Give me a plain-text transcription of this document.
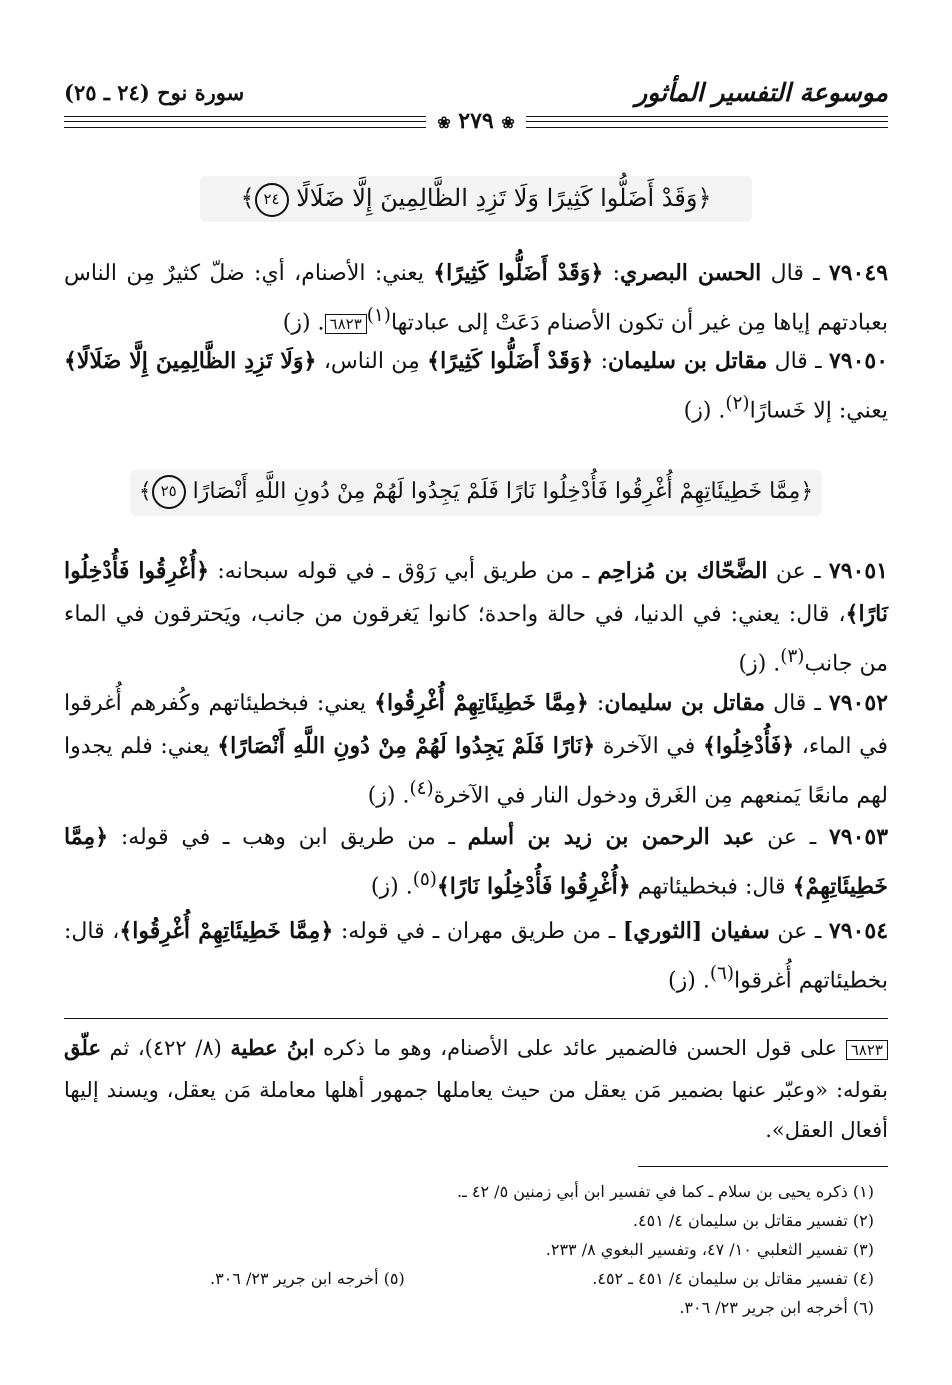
موسوعة التفسير المأثور
سورة نوح (٢٤ ـ ٢٥)
❀ ٢٧٩ ❀
﴿وَقَدْ أَضَلُّوا كَثِيرًا وَلَا تَزِدِ الظَّالِمِينَ إِلَّا ضَلَالًا ٢٤﴾
٧٩٠٤٩ ـ قال الحسن البصري: ﴿وَقَدْ أَضَلُّوا كَثِيرًا﴾ يعني: الأصنام، أي: ضلّ كثيرٌ مِن الناس بعبادتهم إياها مِن غير أن تكون الأصنام دَعَتْ إلى عبادتها$^{(١)}$٦٨٢٣. (ز)
٧٩٠٥٠ ـ قال مقاتل بن سليمان: ﴿وَقَدْ أَضَلُّوا كَثِيرًا﴾ مِن الناس، ﴿وَلَا تَزِدِ الظَّالِمِينَ إِلَّا ضَلَالًا﴾ يعني: إلا خَسارًا$^{(٢)}$. (ز)
﴿مِمَّا خَطِيئَاتِهِمْ أُغْرِقُوا فَأُدْخِلُوا نَارًا فَلَمْ يَجِدُوا لَهُمْ مِنْ دُونِ اللَّهِ أَنْصَارًا ٢٥﴾
٧٩٠٥١ ـ عن الضَّحّاك بن مُزاحِم ـ من طريق أبي رَوْق ـ في قوله سبحانه: ﴿أُغْرِقُوا فَأُدْخِلُوا نَارًا﴾، قال: يعني: في الدنيا، في حالة واحدة؛ كانوا يَغرقون من جانب، ويَحترقون في الماء من جانب$^{(٣)}$. (ز)
٧٩٠٥٢ ـ قال مقاتل بن سليمان: ﴿مِمَّا خَطِيئَاتِهِمْ أُغْرِقُوا﴾ يعني: فبخطيئاتهم وكُفرهم أُغرقوا في الماء، ﴿فَأُدْخِلُوا﴾ في الآخرة ﴿نَارًا فَلَمْ يَجِدُوا لَهُمْ مِنْ دُونِ اللَّهِ أَنْصَارًا﴾ يعني: فلم يجدوا لهم مانعًا يَمنعهم مِن الغَرق ودخول النار في الآخرة$^{(٤)}$. (ز)
٧٩٠٥٣ ـ عن عبد الرحمن بن زيد بن أسلم ـ من طريق ابن وهب ـ في قوله: ﴿مِمَّا خَطِيئَاتِهِمْ﴾ قال: فبخطيئاتهم ﴿أُغْرِقُوا فَأُدْخِلُوا نَارًا﴾$^{(٥)}$. (ز)
٧٩٠٥٤ ـ عن سفيان [الثوري] ـ من طريق مهران ـ في قوله: ﴿مِمَّا خَطِيئَاتِهِمْ أُغْرِقُوا﴾، قال: بخطيئاتهم أُغرقوا$^{(٦)}$. (ز)
٦٨٢٣ على قول الحسن فالضمير عائد على الأصنام، وهو ما ذكره ابنُ عطية (٨/ ٤٢٢)، ثم علّق بقوله: «وعبّر عنها بضمير مَن يعقل من حيث يعاملها جمهور أهلها معاملة مَن يعقل، ويسند إليها أفعال العقل».
(١) ذكره يحيى بن سلام ـ كما في تفسير ابن أبي زمنين ٥/ ٤٢ ـ.
(٢) تفسير مقاتل بن سليمان ٤/ ٤٥١.
(٣) تفسير الثعلبي ١٠/ ٤٧، وتفسير البغوي ٨/ ٢٣٣.
(٤) تفسير مقاتل بن سليمان ٤/ ٤٥١ ـ ٤٥٢.
(٥) أخرجه ابن جرير ٢٣/ ٣٠٦.
(٦) أخرجه ابن جرير ٢٣/ ٣٠٦.
